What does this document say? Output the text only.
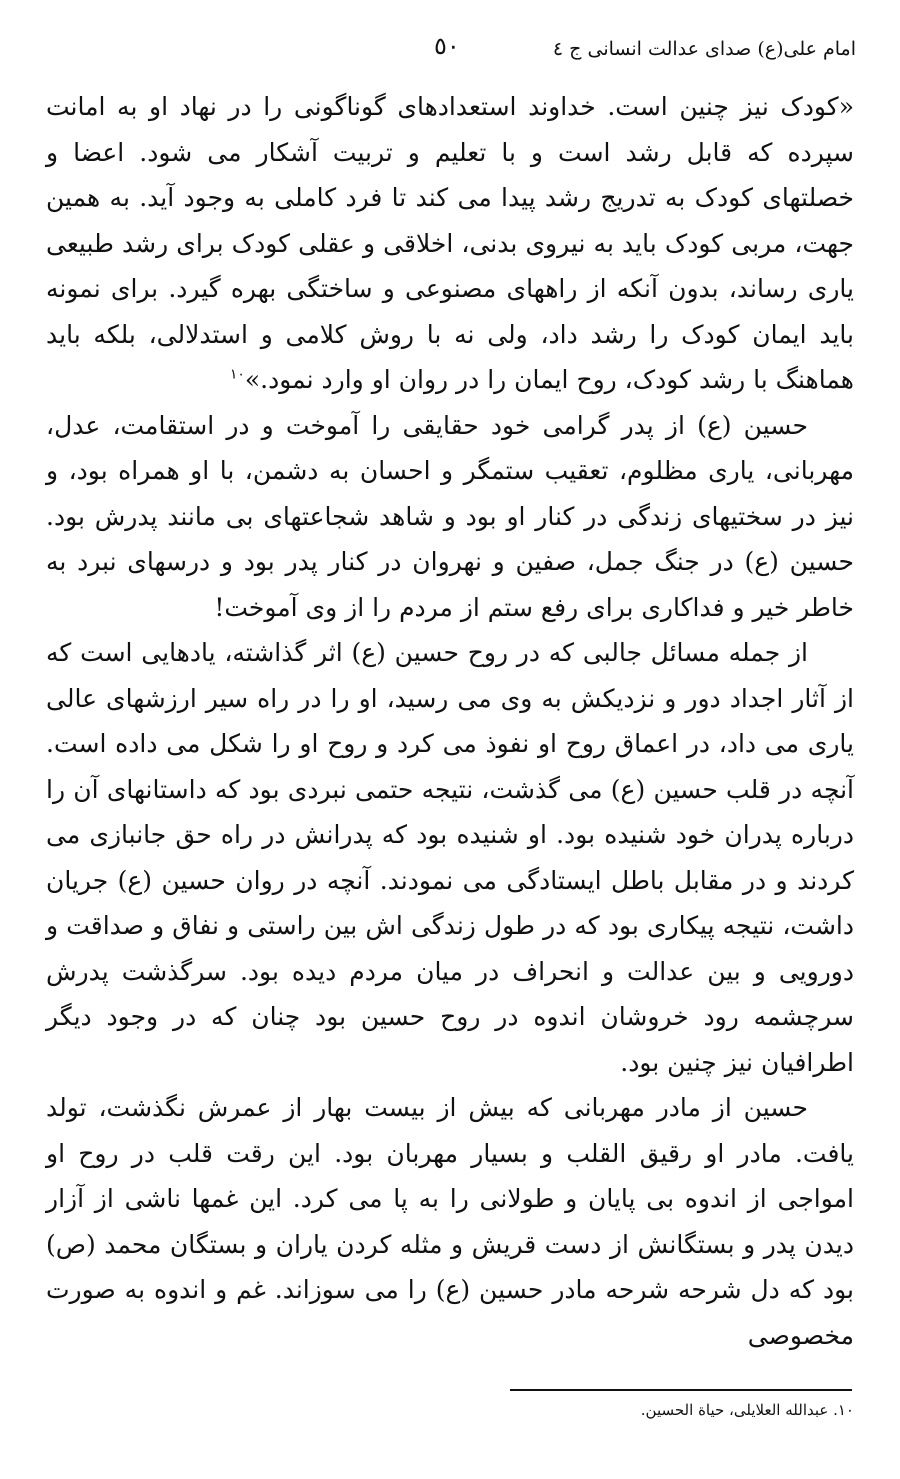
امام علی(ع) صدای عدالت انسانی ج ٤
٥٠

«کودک نیز چنین است. خداوند استعدادهای گوناگونی را در نهاد او به امانت سپرده که قابل رشد است و با تعلیم و تربیت آشکار می شود. اعضا و خصلتهای کودک به تدریج رشد پیدا می کند تا فرد کاملی به وجود آید. به همین جهت، مربی کودک باید به نیروی بدنی، اخلاقی و عقلی کودک برای رشد طبیعی یاری رساند، بدون آنکه از راههای مصنوعی و ساختگی بهره گیرد. برای نمونه باید ایمان کودک را رشد داد، ولی نه با روش کلامی و استدلالی، بلکه باید هماهنگ با رشد کودک، روح ایمان را در روان او وارد نمود.»$^{١٠}$

حسین (ع) از پدر گرامی خود حقایقی را آموخت و در استقامت، عدل، مهربانی، یاری مظلوم، تعقیب ستمگر و احسان به دشمن، با او همراه بود، و نیز در سختیهای زندگی در کنار او بود و شاهد شجاعتهای بی مانند پدرش بود. حسین (ع) در جنگ جمل، صفین و نهروان در کنار پدر بود و درسهای نبرد به خاطر خیر و فداکاری برای رفع ستم از مردم را از وی آموخت!

از جمله مسائل جالبی که در روح حسین (ع) اثر گذاشته، یادهایی است که از آثار اجداد دور و نزدیکش به وی می رسید، او را در راه سیر ارزشهای عالی یاری می داد، در اعماق روح او نفوذ می کرد و روح او را شکل می داده است. آنچه در قلب حسین (ع) می گذشت، نتیجه حتمی نبردی بود که داستانهای آن را درباره پدران خود شنیده بود. او شنیده بود که پدرانش در راه حق جانبازی می کردند و در مقابل باطل ایستادگی می نمودند. آنچه در روان حسین (ع) جریان داشت، نتیجه پیکاری بود که در طول زندگی اش بین راستی و نفاق و صداقت و دورویی و بین عدالت و انحراف در میان مردم دیده بود. سرگذشت پدرش سرچشمه رود خروشان اندوه در روح حسین بود چنان که در وجود دیگر اطرافیان نیز چنین بود.

حسین از مادر مهربانی که بیش از بیست بهار از عمرش نگذشت، تولد یافت. مادر او رقیق القلب و بسیار مهربان بود. این رقت قلب در روح او امواجی از اندوه بی پایان و طولانی را به پا می کرد. این غمها ناشی از آزار دیدن پدر و بستگانش از دست قریش و مثله کردن یاران و بستگان محمد (ص) بود که دل شرحه شرحه مادر حسین (ع) را می سوزاند. غم و اندوه به صورت مخصوصی

١٠. عبدالله العلایلی، حیاة الحسین.
